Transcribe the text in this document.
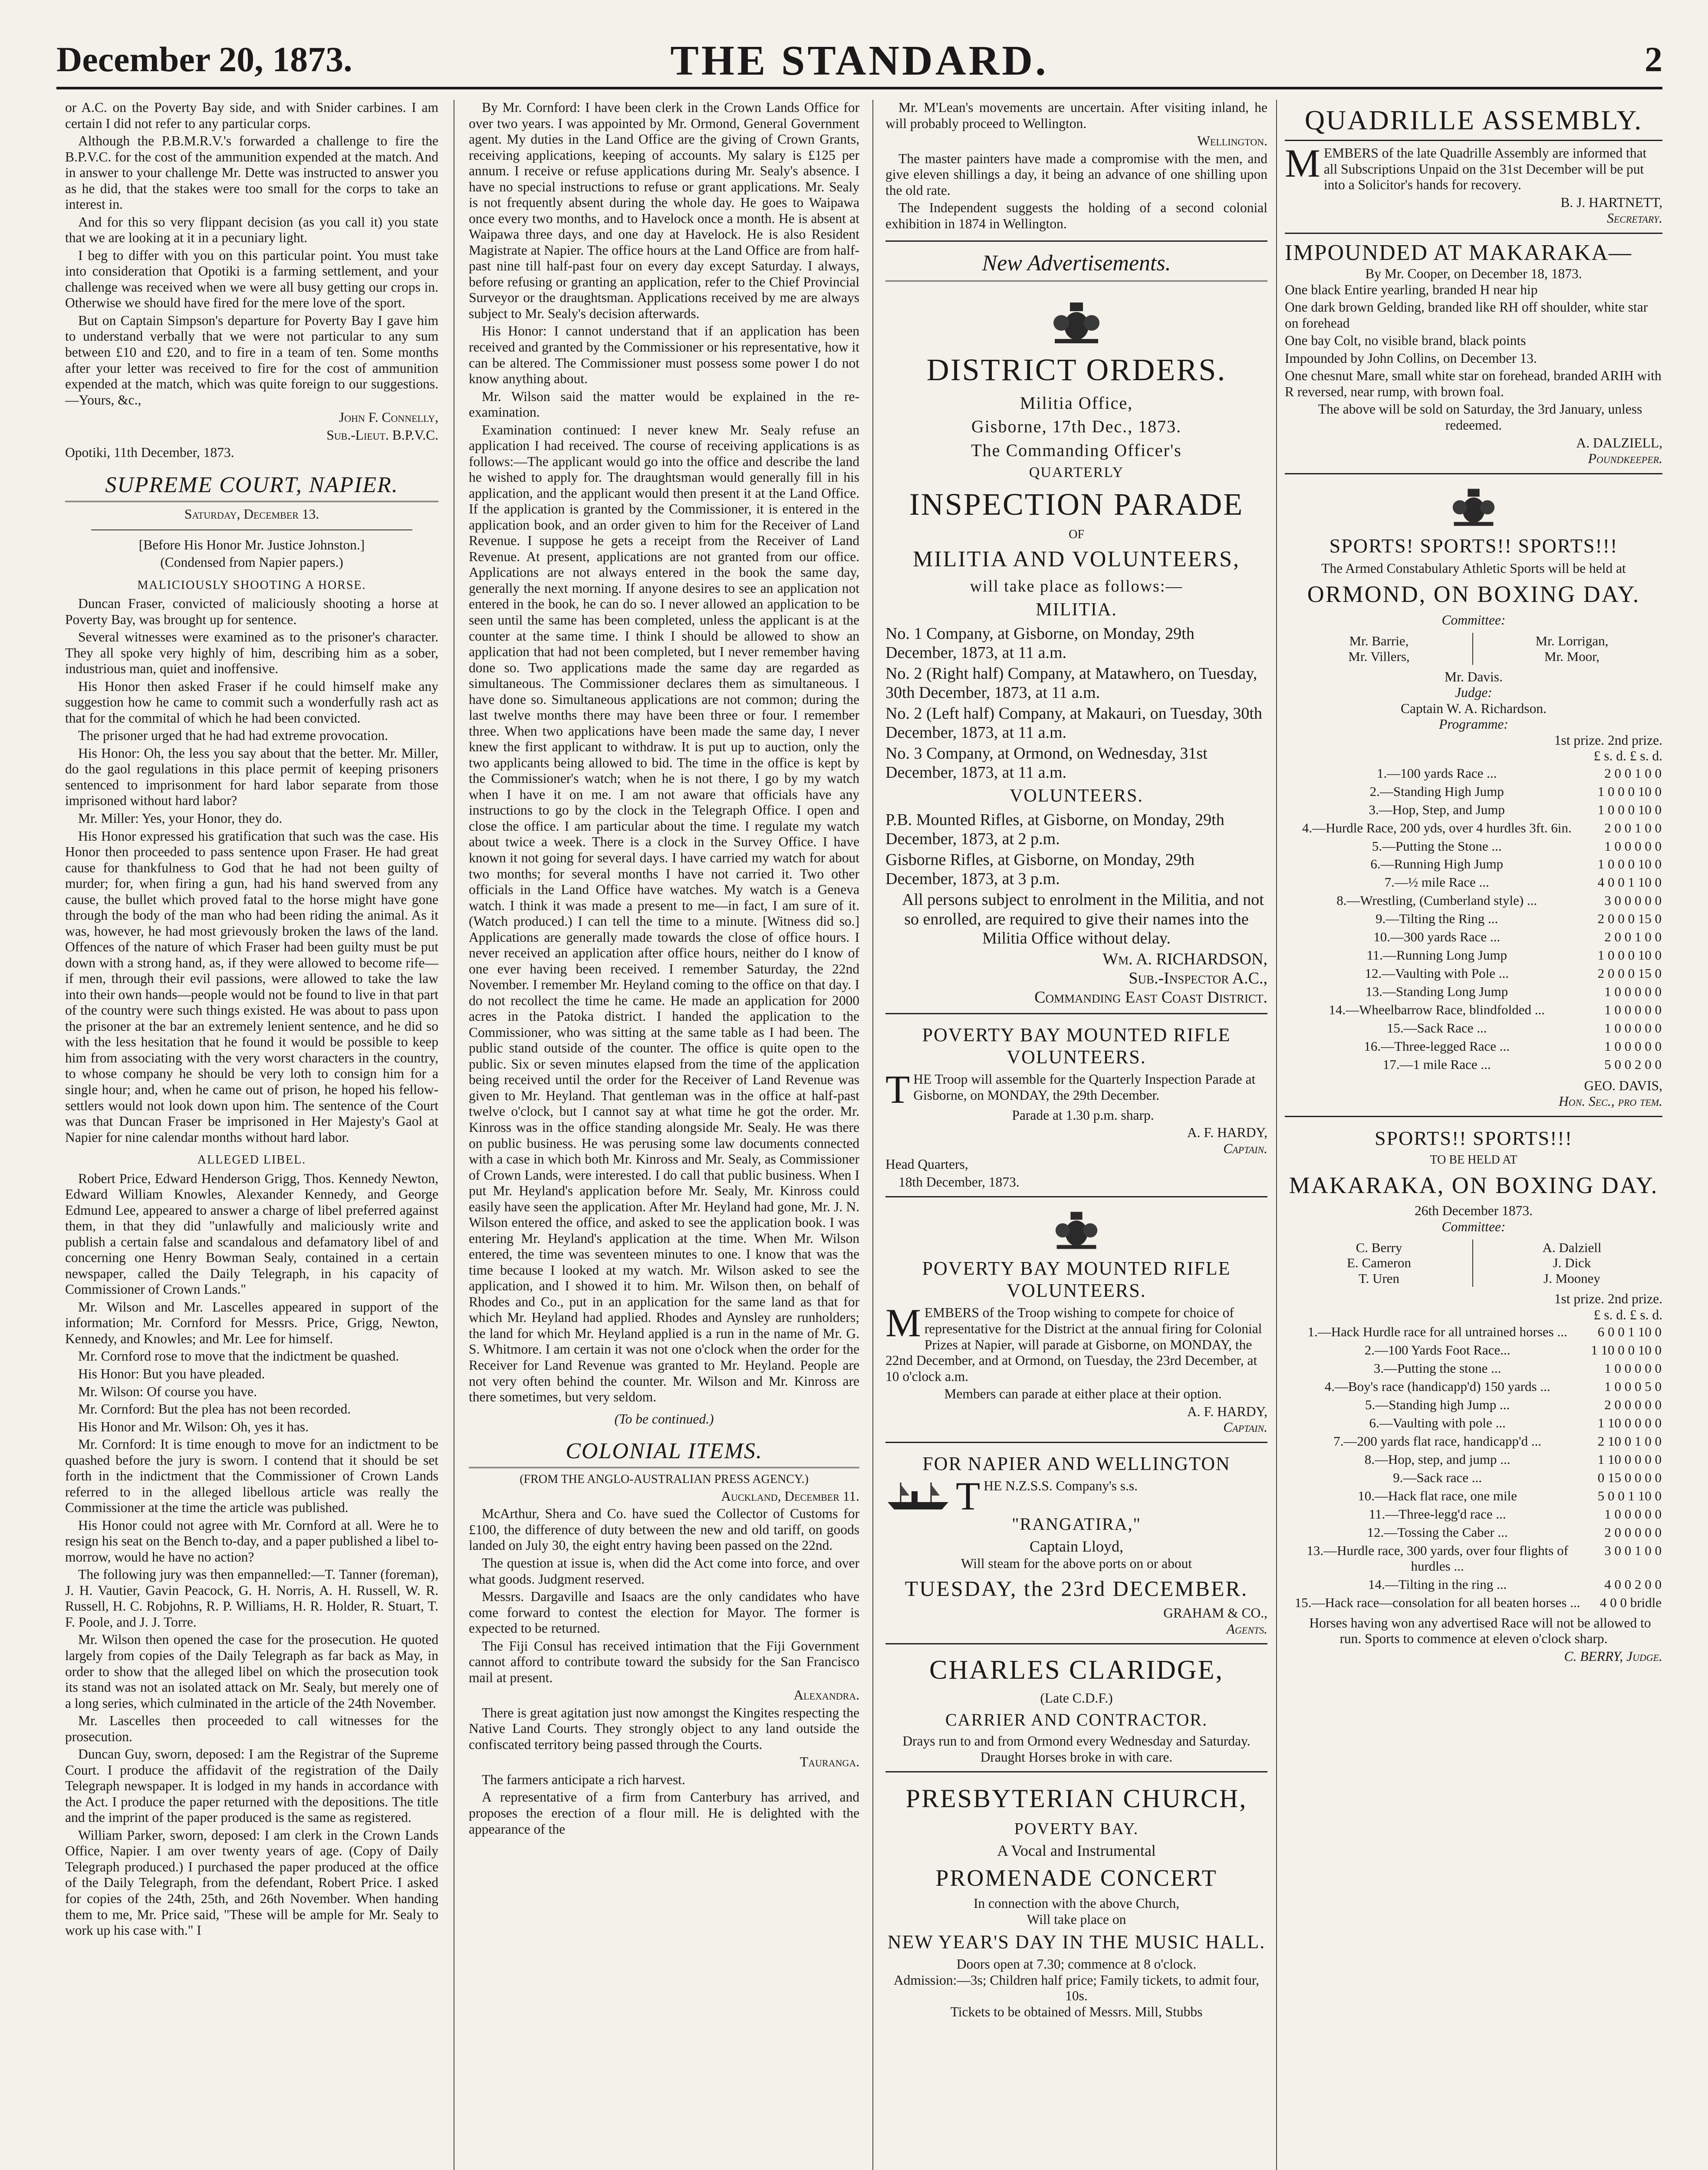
December 20, 1873.	THE STANDARD.	2

or A.C. on the Poverty Bay side, and with Snider carbines. I am certain I did not refer to any particular corps.

Although the P.B.M.R.V.'s forwarded a challenge to fire the B.P.V.C. for the cost of the ammunition expended at the match. And in answer to your challenge Mr. Dette was instructed to answer you as he did, that the stakes were too small for the corps to take an interest in.

And for this so very flippant decision (as you call it) you state that we are looking at it in a pecuniary light.

I beg to differ with you on this particular point. You must take into consideration that Opotiki is a farming settlement, and your challenge was received when we were all busy getting our crops in. Otherwise we should have fired for the mere love of the sport.

But on Captain Simpson's departure for Poverty Bay I gave him to understand verbally that we were not particular to any sum between £10 and £20, and to fire in a team of ten. Some months after your letter was received to fire for the cost of ammunition expended at the match, which was quite foreign to our suggestions.—Yours, &c.,

John F. Connelly,

Sub.-Lieut. B.P.V.C.

Opotiki, 11th December, 1873.

SUPREME COURT, NAPIER.

Saturday, December 13.

[Before His Honor Mr. Justice Johnston.]

(Condensed from Napier papers.)

MALICIOUSLY SHOOTING A HORSE.

Duncan Fraser, convicted of maliciously shooting a horse at Poverty Bay, was brought up for sentence.

Several witnesses were examined as to the prisoner's character. They all spoke very highly of him, describing him as a sober, industrious man, quiet and inoffensive.

His Honor then asked Fraser if he could himself make any suggestion how he came to commit such a wonderfully rash act as that for the commital of which he had been convicted.

The prisoner urged that he had had extreme provocation.

His Honor: Oh, the less you say about that the better. Mr. Miller, do the gaol regulations in this place permit of keeping prisoners sentenced to imprisonment for hard labor separate from those imprisoned without hard labor?

Mr. Miller: Yes, your Honor, they do.

His Honor expressed his gratification that such was the case. His Honor then proceeded to pass sentence upon Fraser. He had great cause for thankfulness to God that he had not been guilty of murder; for, when firing a gun, had his hand swerved from any cause, the bullet which proved fatal to the horse might have gone through the body of the man who had been riding the animal. As it was, however, he had most grievously broken the laws of the land. Offences of the nature of which Fraser had been guilty must be put down with a strong hand, as, if they were allowed to become rife—if men, through their evil passions, were allowed to take the law into their own hands—people would not be found to live in that part of the country were such things existed. He was about to pass upon the prisoner at the bar an extremely lenient sentence, and he did so with the less hesitation that he found it would be possible to keep him from associating with the very worst characters in the country, to whose company he should be very loth to consign him for a single hour; and, when he came out of prison, he hoped his fellow-settlers would not look down upon him. The sentence of the Court was that Duncan Fraser be imprisoned in Her Majesty's Gaol at Napier for nine calendar months without hard labor.

ALLEGED LIBEL.

Robert Price, Edward Henderson Grigg, Thos. Kennedy Newton, Edward William Knowles, Alexander Kennedy, and George Edmund Lee, appeared to answer a charge of libel preferred against them, in that they did "unlawfully and maliciously write and publish a certain false and scandalous and defamatory libel of and concerning one Henry Bowman Sealy, contained in a certain newspaper, called the Daily Telegraph, in his capacity of Commissioner of Crown Lands."

Mr. Wilson and Mr. Lascelles appeared in support of the information; Mr. Cornford for Messrs. Price, Grigg, Newton, Kennedy, and Knowles; and Mr. Lee for himself.

Mr. Cornford rose to move that the indictment be quashed.

His Honor: But you have pleaded.

Mr. Wilson: Of course you have.

Mr. Cornford: But the plea has not been recorded.

His Honor and Mr. Wilson: Oh, yes it has.

Mr. Cornford: It is time enough to move for an indictment to be quashed before the jury is sworn. I contend that it should be set forth in the indictment that the Commissioner of Crown Lands referred to in the alleged libellous article was really the Commissioner at the time the article was published.

His Honor could not agree with Mr. Cornford at all. Were he to resign his seat on the Bench to-day, and a paper published a libel to-morrow, would he have no action?

The following jury was then empannelled:—T. Tanner (foreman), J. H. Vautier, Gavin Peacock, G. H. Norris, A. H. Russell, W. R. Russell, H. C. Robjohns, R. P. Williams, H. R. Holder, R. Stuart, T. F. Poole, and J. J. Torre.

Mr. Wilson then opened the case for the prosecution. He quoted largely from copies of the Daily Telegraph as far back as May, in order to show that the alleged libel on which the prosecution took its stand was not an isolated attack on Mr. Sealy, but merely one of a long series, which culminated in the article of the 24th November.

Mr. Lascelles then proceeded to call witnesses for the prosecution.

Duncan Guy, sworn, deposed: I am the Registrar of the Supreme Court. I produce the affidavit of the registration of the Daily Telegraph newspaper. It is lodged in my hands in accordance with the Act. I produce the paper returned with the depositions. The title and the imprint of the paper produced is the same as registered.

William Parker, sworn, deposed: I am clerk in the Crown Lands Office, Napier. I am over twenty years of age. (Copy of Daily Telegraph produced.) I purchased the paper produced at the office of the Daily Telegraph, from the defendant, Robert Price. I asked for copies of the 24th, 25th, and 26th November. When handing them to me, Mr. Price said, "These will be ample for Mr. Sealy to work up his case with." I

By Mr. Cornford: I have been clerk in the Crown Lands Office for over two years. I was appointed by Mr. Ormond, General Government agent. My duties in the Land Office are the giving of Crown Grants, receiving applications, keeping of accounts. My salary is £125 per annum. I receive or refuse applications during Mr. Sealy's absence. I have no special instructions to refuse or grant applications. Mr. Sealy is not frequently absent during the whole day. He goes to Waipawa once every two months, and to Havelock once a month. He is absent at Waipawa three days, and one day at Havelock. He is also Resident Magistrate at Napier. The office hours at the Land Office are from half-past nine till half-past four on every day except Saturday. I always, before refusing or granting an application, refer to the Chief Provincial Surveyor or the draughtsman. Applications received by me are always subject to Mr. Sealy's decision afterwards.

His Honor: I cannot understand that if an application has been received and granted by the Commissioner or his representative, how it can be altered. The Commissioner must possess some power I do not know anything about.

Mr. Wilson said the matter would be explained in the re-examination.

Examination continued: I never knew Mr. Sealy refuse an application I had received. The course of receiving applications is as follows:—The applicant would go into the office and describe the land he wished to apply for. The draughtsman would generally fill in his application, and the applicant would then present it at the Land Office. If the application is granted by the Commissioner, it is entered in the application book, and an order given to him for the Receiver of Land Revenue. I suppose he gets a receipt from the Receiver of Land Revenue. At present, applications are not granted from our office. Applications are not always entered in the book the same day, generally the next morning. If anyone desires to see an application not entered in the book, he can do so. I never allowed an application to be seen until the same has been completed, unless the applicant is at the counter at the same time. I think I should be allowed to show an application that had not been completed, but I never remember having done so. Two applications made the same day are regarded as simultaneous. The Commissioner declares them as simultaneous. I have done so. Simultaneous applications are not common; during the last twelve months there may have been three or four. I remember three. When two applications have been made the same day, I never knew the first applicant to withdraw. It is put up to auction, only the two applicants being allowed to bid. The time in the office is kept by the Commissioner's watch; when he is not there, I go by my watch when I have it on me. I am not aware that officials have any instructions to go by the clock in the Telegraph Office. I open and close the office. I am particular about the time. I regulate my watch about twice a week. There is a clock in the Survey Office. I have known it not going for several days. I have carried my watch for about two months; for several months I have not carried it. Two other officials in the Land Office have watches. My watch is a Geneva watch. I think it was made a present to me—in fact, I am sure of it. (Watch produced.) I can tell the time to a minute. [Witness did so.] Applications are generally made towards the close of office hours. I never received an application after office hours, neither do I know of one ever having been received. I remember Saturday, the 22nd November. I remember Mr. Heyland coming to the office on that day. I do not recollect the time he came. He made an application for 2000 acres in the Patoka district. I handed the application to the Commissioner, who was sitting at the same table as I had been. The public stand outside of the counter. The office is quite open to the public. Six or seven minutes elapsed from the time of the application being received until the order for the Receiver of Land Revenue was given to Mr. Heyland. That gentleman was in the office at half-past twelve o'clock, but I cannot say at what time he got the order. Mr. Kinross was in the office standing alongside Mr. Sealy. He was there on public business. He was perusing some law documents connected with a case in which both Mr. Kinross and Mr. Sealy, as Commissioner of Crown Lands, were interested. I do call that public business. When I put Mr. Heyland's application before Mr. Sealy, Mr. Kinross could easily have seen the application. After Mr. Heyland had gone, Mr. J. N. Wilson entered the office, and asked to see the application book. I was entering Mr. Heyland's application at the time. When Mr. Wilson entered, the time was seventeen minutes to one. I know that was the time because I looked at my watch. Mr. Wilson asked to see the application, and I showed it to him. Mr. Wilson then, on behalf of Rhodes and Co., put in an application for the same land as that for which Mr. Heyland had applied. Rhodes and Aynsley are runholders; the land for which Mr. Heyland applied is a run in the name of Mr. G. S. Whitmore. I am certain it was not one o'clock when the order for the Receiver for Land Revenue was granted to Mr. Heyland. People are not very often behind the counter. Mr. Wilson and Mr. Kinross are there sometimes, but very seldom.

(To be continued.)

COLONIAL ITEMS.

(FROM THE ANGLO-AUSTRALIAN PRESS AGENCY.)

Auckland, December 11.

McArthur, Shera and Co. have sued the Collector of Customs for £100, the difference of duty between the new and old tariff, on goods landed on July 30, the eight entry having been passed on the 22nd.

The question at issue is, when did the Act come into force, and over what goods. Judgment reserved.

Messrs. Dargaville and Isaacs are the only candidates who have come forward to contest the election for Mayor. The former is expected to be returned.

The Fiji Consul has received intimation that the Fiji Government cannot afford to contribute toward the subsidy for the San Francisco mail at present.

Alexandra.

There is great agitation just now amongst the Kingites respecting the Native Land Courts. They strongly object to any land outside the confiscated territory being passed through the Courts.

Tauranga.

The farmers anticipate a rich harvest.

A representative of a firm from Canterbury has arrived, and proposes the erection of a flour mill. He is delighted with the appearance of the

Mr. M'Lean's movements are uncertain. After visiting inland, he will probably proceed to Wellington.

Wellington.

The master painters have made a compromise with the men, and give eleven shillings a day, it being an advance of one shilling upon the old rate.

The Independent suggests the holding of a second colonial exhibition in 1874 in Wellington.

New Advertisements.
DISTRICT ORDERS.
Militia Office,
Gisborne, 17th Dec., 1873.
The Commanding Officer's
QUARTERLY
INSPECTION PARADE
OF
MILITIA AND VOLUNTEERS,
will take place as follows:—
MILITIA.

No. 1 Company, at Gisborne, on Monday, 29th December, 1873, at 11 a.m.

No. 2 (Right half) Company, at Matawhero, on Tuesday, 30th December, 1873, at 11 a.m.

No. 2 (Left half) Company, at Makauri, on Tuesday, 30th December, 1873, at 11 a.m.

No. 3 Company, at Ormond, on Wednesday, 31st December, 1873, at 11 a.m.

VOLUNTEERS.

P.B. Mounted Rifles, at Gisborne, on Monday, 29th December, 1873, at 2 p.m.

Gisborne Rifles, at Gisborne, on Monday, 29th December, 1873, at 3 p.m.

All persons subject to enrolment in the Militia, and not so enrolled, are required to give their names into the Militia Office without delay.

Wm. A. RICHARDSON,
Sub.-Inspector A.C.,
Commanding East Coast District.
POVERTY BAY MOUNTED RIFLE VOLUNTEERS.

THE Troop will assemble for the Quarterly Inspection Parade at Gisborne, on MONDAY, the 29th December.

Parade at 1.30 p.m. sharp.

A. F. HARDY,
Captain.

Head Quarters,

18th December, 1873.

POVERTY BAY MOUNTED RIFLE VOLUNTEERS.

MEMBERS of the Troop wishing to compete for choice of representative for the District at the annual firing for Colonial Prizes at Napier, will parade at Gisborne, on MONDAY, the 22nd December, and at Ormond, on Tuesday, the 23rd December, at 10 o'clock a.m.

Members can parade at either place at their option.

A. F. HARDY,
Captain.
FOR NAPIER AND WELLINGTON

THE N.Z.S.S. Company's s.s.

"RANGATIRA,"
Captain Lloyd,
Will steam for the above ports on or about
TUESDAY, the 23rd DECEMBER.
GRAHAM & CO.,
Agents.
CHARLES CLARIDGE,
(Late C.D.F.)
CARRIER AND CONTRACTOR.
Drays run to and from Ormond every Wednesday and Saturday.
Draught Horses broke in with care.
PRESBYTERIAN CHURCH,
POVERTY BAY.
A Vocal and Instrumental
PROMENADE CONCERT
In connection with the above Church,
Will take place on
NEW YEAR'S DAY IN THE MUSIC HALL.
Doors open at 7.30; commence at 8 o'clock.
Admission:—3s; Children half price; Family tickets, to admit four, 10s.
Tickets to be obtained of Messrs. Mill, Stubbs
QUADRILLE ASSEMBLY.

MEMBERS of the late Quadrille Assembly are informed that all Subscriptions Unpaid on the 31st December will be put into a Solicitor's hands for recovery.

B. J. HARTNETT,
Secretary.
IMPOUNDED AT MAKARAKA—
By Mr. Cooper, on December 18, 1873.

One black Entire yearling, branded H near hip

One dark brown Gelding, branded like RH off shoulder, white star on forehead

One bay Colt, no visible brand, black points

Impounded by John Collins, on December 13.

One chesnut Mare, small white star on forehead, branded ARIH with R reversed, near rump, with brown foal.

The above will be sold on Saturday, the 3rd January, unless redeemed.

A. DALZIELL,
Poundkeeper.
SPORTS! SPORTS!! SPORTS!!!
The Armed Constabulary Athletic Sports will be held at
ORMOND, ON BOXING DAY.
Committee:
Mr. Barrie,
Mr. Villers,

Mr. Lorrigan,
Mr. Moor,
Mr. Davis.
Judge:
Captain W. A. Richardson.
Programme:
1st prize. 2nd prize.
£ s. d. £ s. d.
1.—100 yards Race ...	2 0 0 1 0 0
2.—Standing High Jump	1 0 0 0 10 0
3.—Hop, Step, and Jump	1 0 0 0 10 0
4.—Hurdle Race, 200 yds, over 4 hurdles 3ft. 6in.	2 0 0 1 0 0
5.—Putting the Stone ...	1 0 0 0 0 0
6.—Running High Jump	1 0 0 0 10 0
7.—½ mile Race ...	4 0 0 1 10 0
8.—Wrestling, (Cumberland style) ...	3 0 0 0 0 0
9.—Tilting the Ring ...	2 0 0 0 15 0
10.—300 yards Race ...	2 0 0 1 0 0
11.—Running Long Jump	1 0 0 0 10 0
12.—Vaulting with Pole ...	2 0 0 0 15 0
13.—Standing Long Jump	1 0 0 0 0 0
14.—Wheelbarrow Race, blindfolded ...	1 0 0 0 0 0
15.—Sack Race ...	1 0 0 0 0 0
16.—Three-legged Race ...	1 0 0 0 0 0
17.—1 mile Race ...	5 0 0 2 0 0
GEO. DAVIS,
Hon. Sec., pro tem.
SPORTS!! SPORTS!!!
TO BE HELD AT
MAKARAKA, ON BOXING DAY.
26th December 1873.
Committee:
C. Berry
E. Cameron
T. Uren

A. Dalziell
J. Dick
J. Mooney
1st prize. 2nd prize.
£ s. d. £ s. d.
1.—Hack Hurdle race for all untrained horses ...	6 0 0 1 10 0
2.—100 Yards Foot Race...	1 10 0 0 10 0
3.—Putting the stone ...	1 0 0 0 0 0
4.—Boy's race (handicapp'd) 150 yards ...	1 0 0 0 5 0
5.—Standing high Jump ...	2 0 0 0 0 0
6.—Vaulting with pole ...	1 10 0 0 0 0
7.—200 yards flat race, handicapp'd ...	2 10 0 1 0 0
8.—Hop, step, and jump ...	1 10 0 0 0 0
9.—Sack race ...	0 15 0 0 0 0
10.—Hack flat race, one mile	5 0 0 1 10 0
11.—Three-legg'd race ...	1 0 0 0 0 0
12.—Tossing the Caber ...	2 0 0 0 0 0
13.—Hurdle race, 300 yards, over four flights of hurdles ...	3 0 0 1 0 0
14.—Tilting in the ring ...	4 0 0 2 0 0
15.—Hack race—consolation for all beaten horses ...	4 0 0 bridle

Horses having won any advertised Race will not be allowed to run. Sports to commence at eleven o'clock sharp.

C. BERRY, Judge.
